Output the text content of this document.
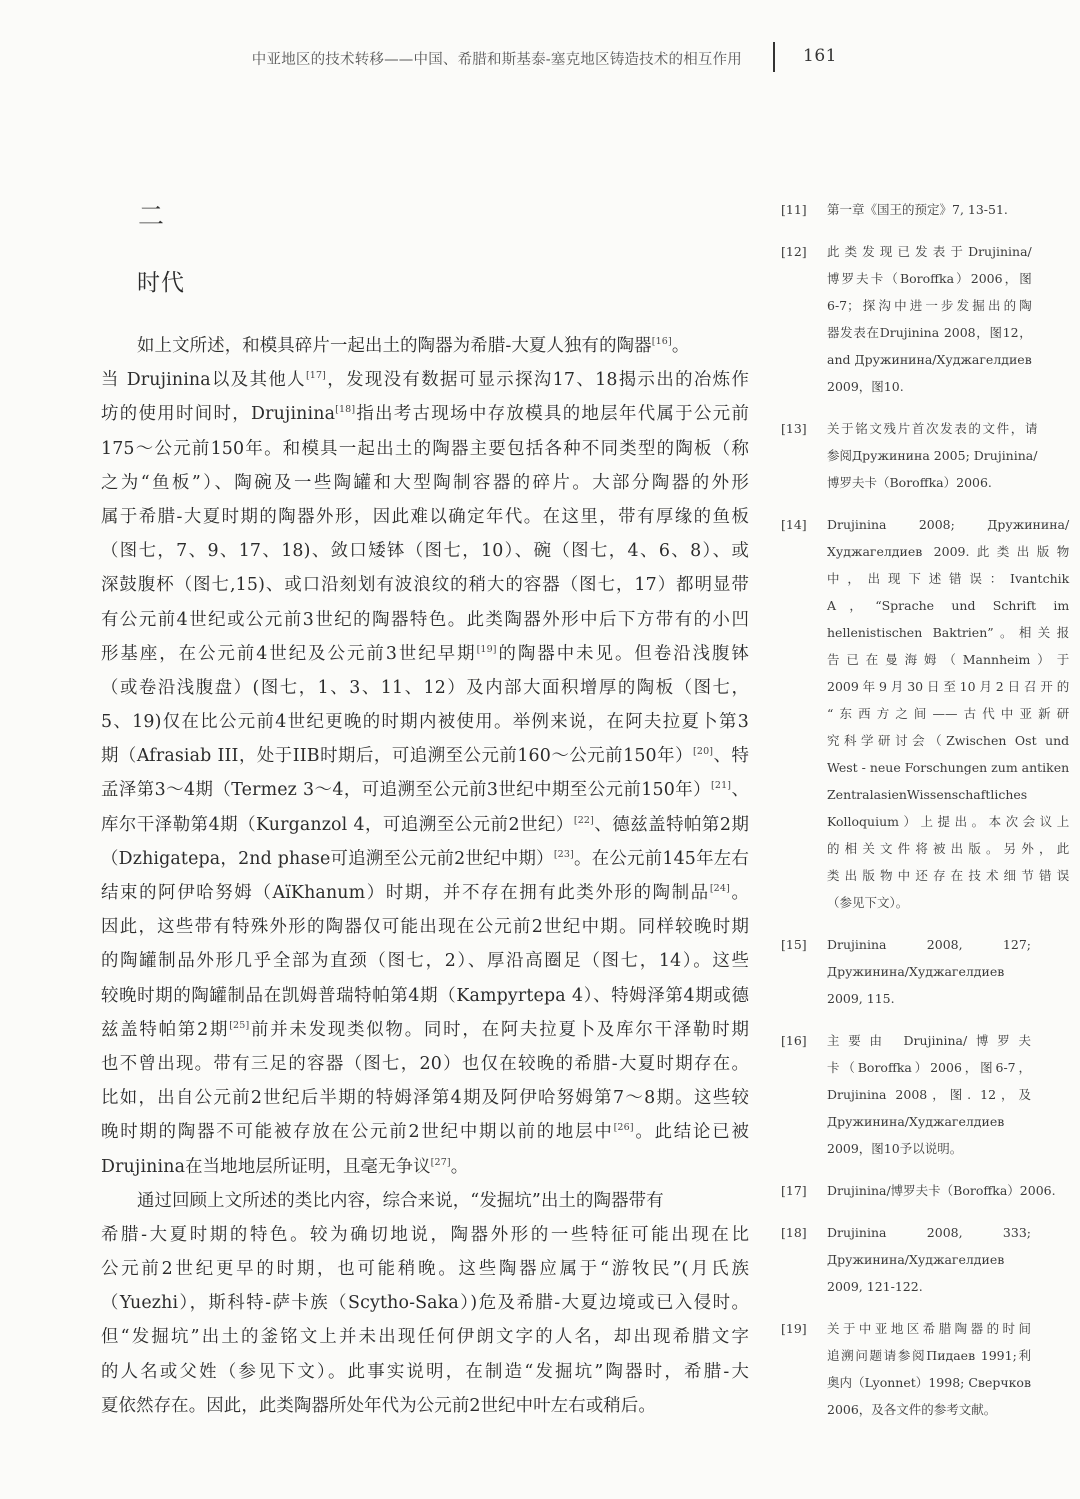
中亚地区的技术转移——中国、希腊和斯基泰-塞克地区铸造技术的相互作用	161
二
时代
如上文所述，和模具碎片一起出土的陶器为希腊-大夏人独有的陶器[16]。
当 Drujinina以及其他人[17]，发现没有数据可显示探沟17、18揭示出的冶炼作
坊的使用时间时，Drujinina[18]指出考古现场中存放模具的地层年代属于公元前
175～公元前150年。和模具一起出土的陶器主要包括各种不同类型的陶板（称
之为“鱼板”）、陶碗及一些陶罐和大型陶制容器的碎片。大部分陶器的外形
属于希腊-大夏时期的陶器外形，因此难以确定年代。在这里，带有厚缘的鱼板
（图七，7、9、17、18)、敛口矮钵（图七，10）、碗（图七，4、6、8）、或
深鼓腹杯（图七,15)、或口沿刻划有波浪纹的稍大的容器（图七，17）都明显带
有公元前4世纪或公元前3世纪的陶器特色。此类陶器外形中后下方带有的小凹
形基座，在公元前4世纪及公元前3世纪早期[19]的陶器中未见。但卷沿浅腹钵
（或卷沿浅腹盘）(图七，1、3、11、12）及内部大面积增厚的陶板（图七，
5、19)仅在比公元前4世纪更晚的时期内被使用。举例来说，在阿夫拉夏卜第3
期（Afrasiab III，处于IIB时期后，可追溯至公元前160～公元前150年）[20]、特
孟泽第3～4期（Termez 3～4，可追溯至公元前3世纪中期至公元前150年）[21]、
库尔干泽勒第4期（Kurganzol 4，可追溯至公元前2世纪）[22]、德兹盖特帕第2期
（Dzhigatepa，2nd phase可追溯至公元前2世纪中期）[23]。在公元前145年左右
结束的阿伊哈努姆（AïKhanum）时期，并不存在拥有此类外形的陶制品[24]。
因此，这些带有特殊外形的陶器仅可能出现在公元前2世纪中期。同样较晚时期
的陶罐制品外形几乎全部为直颈（图七，2）、厚沿高圈足（图七，14）。这些
较晚时期的陶罐制品在凯姆普瑞特帕第4期（Kampyrtepa 4）、特姆泽第4期或德
兹盖特帕第2期[25]前并未发现类似物。同时，在阿夫拉夏卜及库尔干泽勒时期
也不曾出现。带有三足的容器（图七，20）也仅在较晚的希腊-大夏时期存在。
比如，出自公元前2世纪后半期的特姆泽第4期及阿伊哈努姆第7～8期。这些较
晚时期的陶器不可能被存放在公元前2世纪中期以前的地层中[26]。此结论已被
Drujinina在当地地层所证明，且毫无争议[27]。
通过回顾上文所述的类比内容，综合来说，“发掘坑”出土的陶器带有
希腊-大夏时期的特色。较为确切地说，陶器外形的一些特征可能出现在比
公元前2世纪更早的时期，也可能稍晚。这些陶器应属于“游牧民”(月氏族
（Yuezhi），斯科特-萨卡族（Scytho-Saka）)危及希腊-大夏边境或已入侵时。
但“发掘坑”出土的釜铭文上并未出现任何伊朗文字的人名，却出现希腊文字
的人名或父姓（参见下文）。此事实说明，在制造“发掘坑”陶器时，希腊-大
夏依然存在。因此，此类陶器所处年代为公元前2世纪中叶左右或稍后。
[11]	第一章《国王的预定》7, 13-51.
[12]	此类发现已发表于Drujinina/
博罗夫卡（Boroffka）2006，图
6-7；探沟中进一步发掘出的陶
器发表在Drujinina 2008，图12，
and Дружинина/Худжагелдиев
2009，图10.
[13]	关于铭文残片首次发表的文件，请
参阅Дружинина 2005; Drujinina/
博罗夫卡（Boroffka）2006.
[14]	Drujinina 2008; Дружинина/
Худжагелдиев 2009.此类出版物
中，出现下述错误：Ivantchik
A，“Sprache und Schrift im
hellenistischen Baktrien”。相关报
告已在曼海姆（Mannheim）于
2009年9月30日至10月2日召开的
“东西方之间——古代中亚新研
究科学研讨会（Zwischen Ost und
West - neue Forschungen zum antiken
ZentralasienWissenschaftliches
Kolloquium）上提出。本次会议上
的相关文件将被出版。另外，此
类出版物中还存在技术细节错误
（参见下文）。
[15]	Drujinina 2008, 127;
Дружинина/Худжагелдиев
2009, 115.
[16]	主要由 Drujinina/博罗夫
卡（Boroffka）2006，图6-7，
Drujinina 2008，图. 12，及
Дружинина/Худжагелдиев
2009，图10予以说明。
[17]	Drujinina/博罗夫卡（Boroffka）2006.
[18]	Drujinina 2008, 333;
Дружинина/Худжагелдиев
2009, 121-122.
[19]	关于中亚地区希腊陶器的时间
追溯问题请参阅Пидаев 1991;利
奥内（Lyonnet）1998; Сверчков
2006，及各文件的参考文献。
